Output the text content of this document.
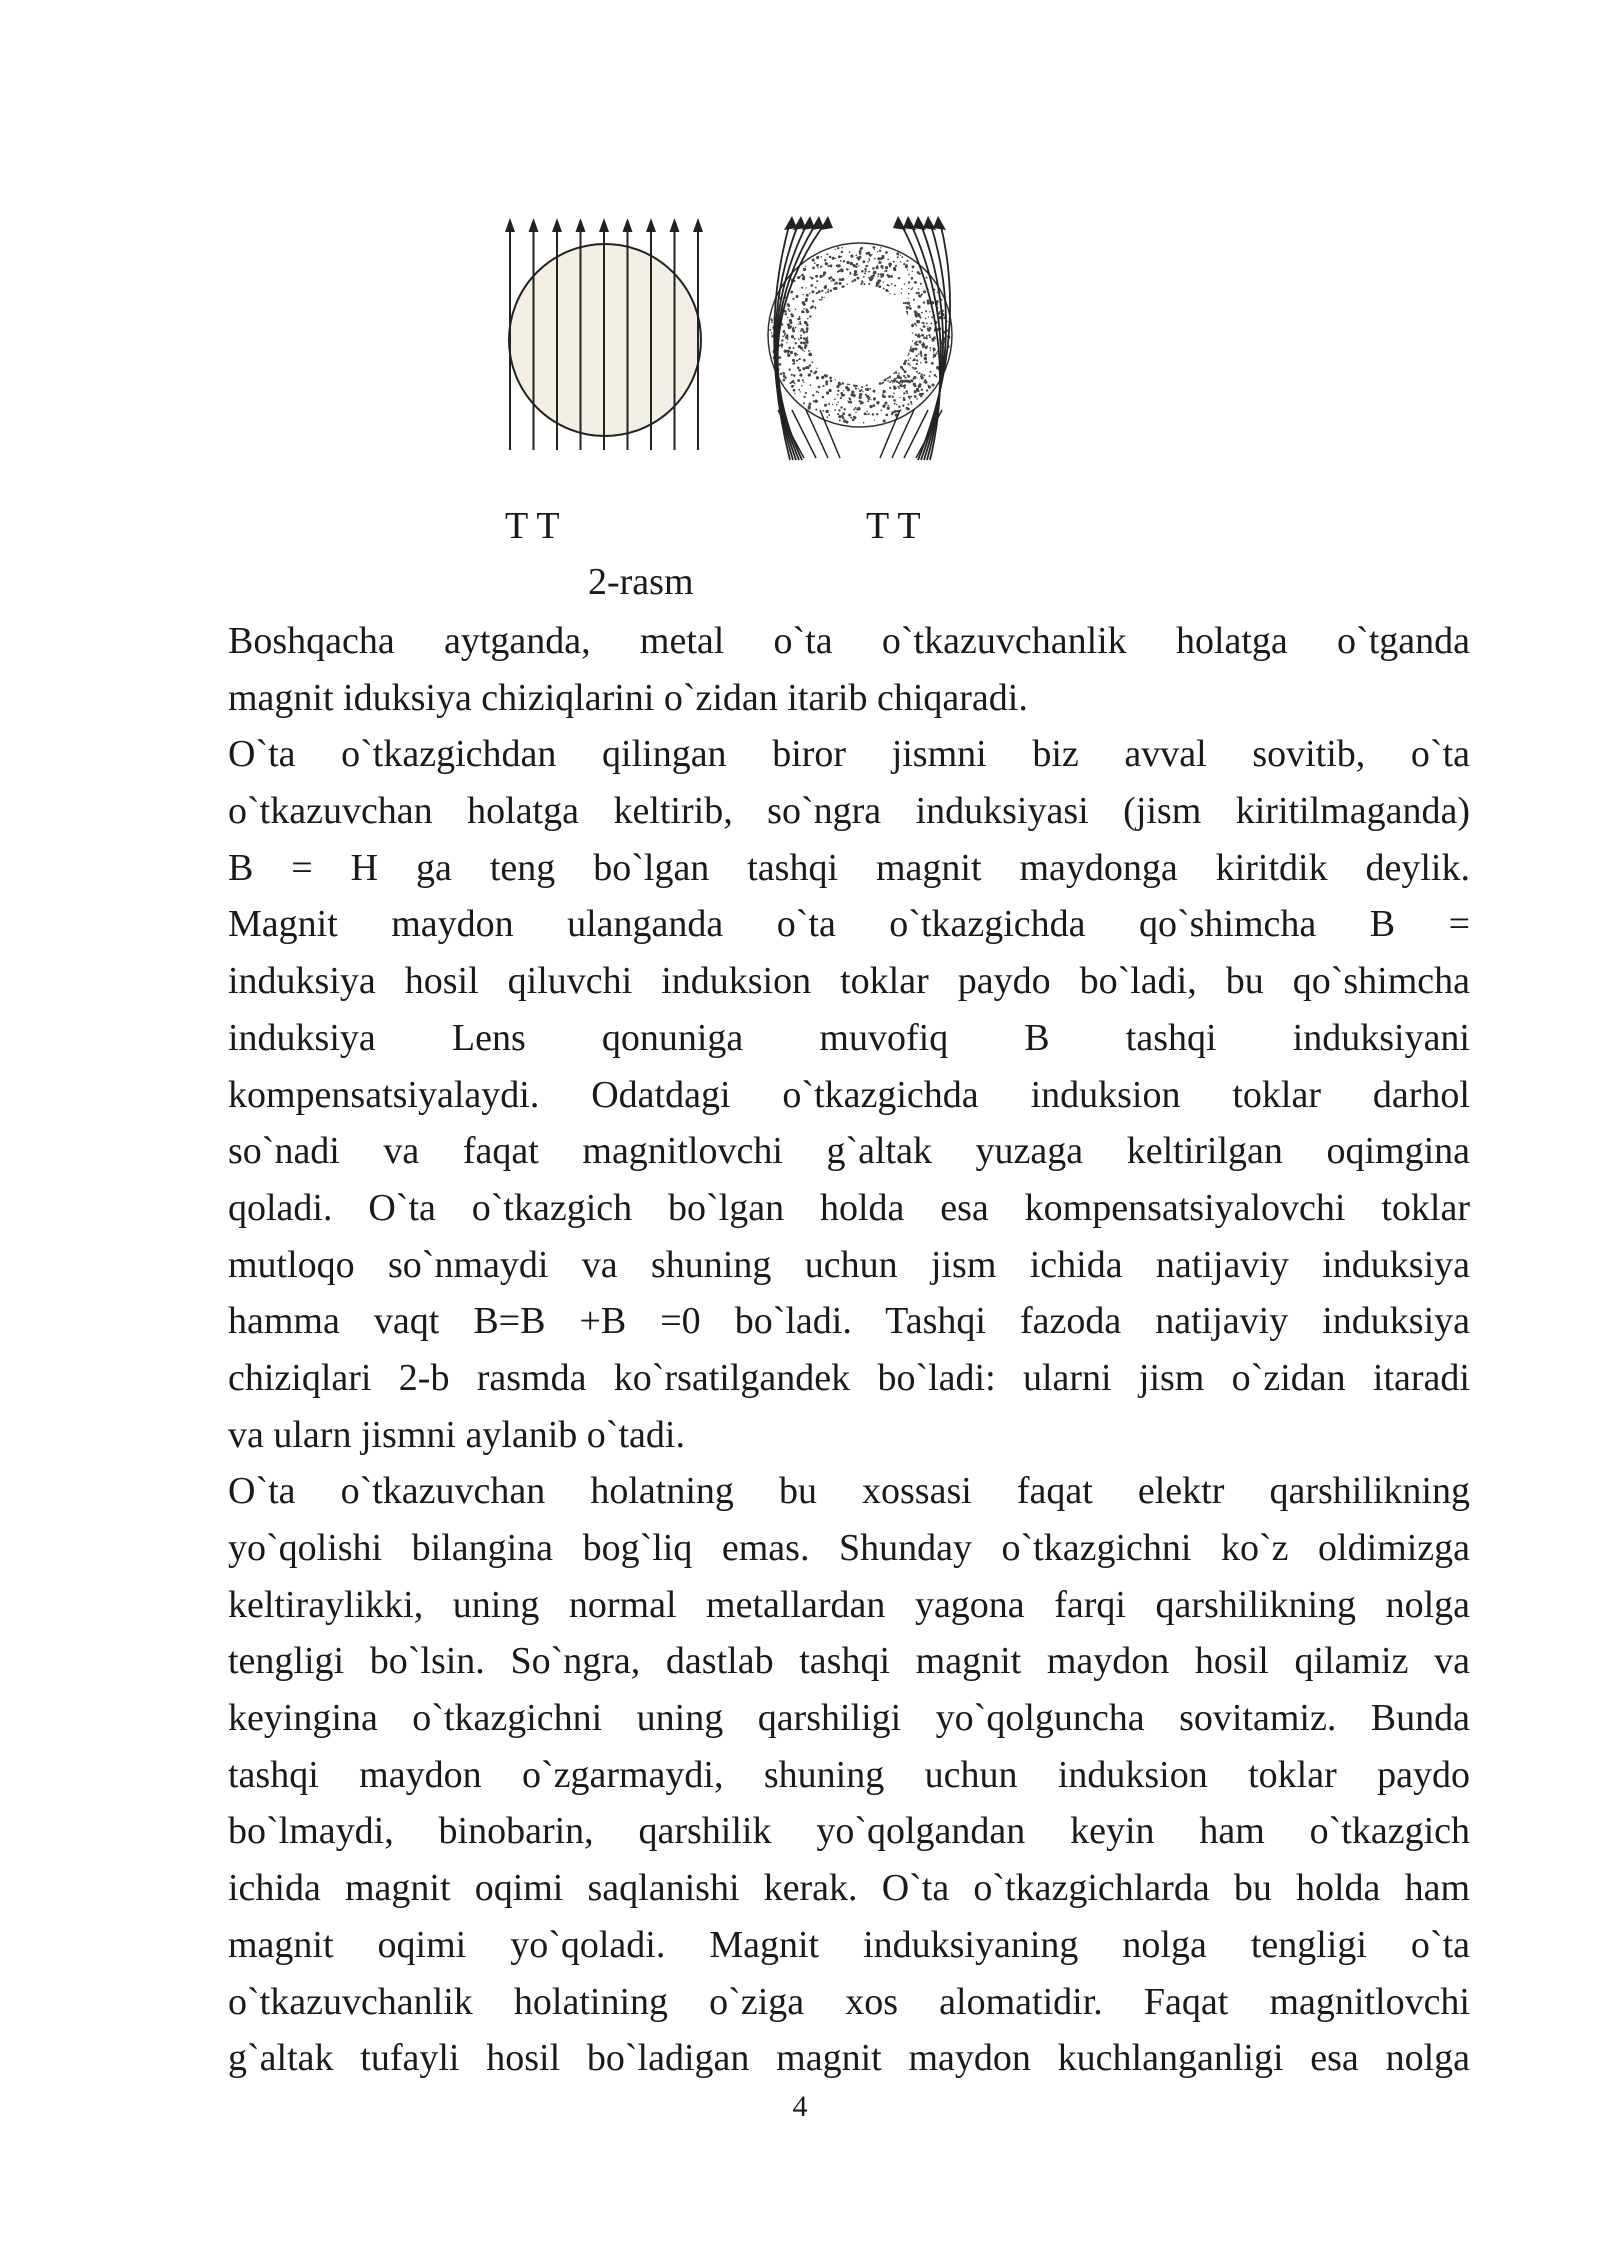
T T	T T
2-rasm
Boshqacha aytganda, metal o`ta o`tkazuvchanlik holatga o`tganda
magnit iduksiya chiziqlarini o`zidan itarib chiqaradi.
O`ta o`tkazgichdan qilingan biror jismni biz avval sovitib, o`ta
o`tkazuvchan holatga keltirib, so`ngra induksiyasi (jism kiritilmaganda)
B = H ga teng bo`lgan tashqi magnit maydonga kiritdik deylik.
Magnit maydon ulanganda o`ta o`tkazgichda qo`shimcha B =
induksiya hosil qiluvchi induksion toklar paydo bo`ladi, bu qo`shimcha
induksiya Lens qonuniga muvofiq B tashqi induksiyani
kompensatsiyalaydi. Odatdagi o`tkazgichda induksion toklar darhol
so`nadi va faqat magnitlovchi g`altak yuzaga keltirilgan oqimgina
qoladi. O`ta o`tkazgich bo`lgan holda esa kompensatsiyalovchi toklar
mutloqo so`nmaydi va shuning uchun jism ichida natijaviy induksiya
hamma vaqt B=B +B =0 bo`ladi. Tashqi fazoda natijaviy induksiya
chiziqlari 2-b rasmda ko`rsatilgandek bo`ladi: ularni jism o`zidan itaradi
va ularn jismni aylanib o`tadi.
O`ta o`tkazuvchan holatning bu xossasi faqat elektr qarshilikning
yo`qolishi bilangina bog`liq emas. Shunday o`tkazgichni ko`z oldimizga
keltiraylikki, uning normal metallardan yagona farqi qarshilikning nolga
tengligi bo`lsin. So`ngra, dastlab tashqi magnit maydon hosil qilamiz va
keyingina o`tkazgichni uning qarshiligi yo`qolguncha sovitamiz. Bunda
tashqi maydon o`zgarmaydi, shuning uchun induksion toklar paydo
bo`lmaydi, binobarin, qarshilik yo`qolgandan keyin ham o`tkazgich
ichida magnit oqimi saqlanishi kerak. O`ta o`tkazgichlarda bu holda ham
magnit oqimi yo`qoladi. Magnit induksiyaning nolga tengligi o`ta
o`tkazuvchanlik holatining o`ziga xos alomatidir. Faqat magnitlovchi
g`altak tufayli hosil bo`ladigan magnit maydon kuchlanganligi esa nolga
4
